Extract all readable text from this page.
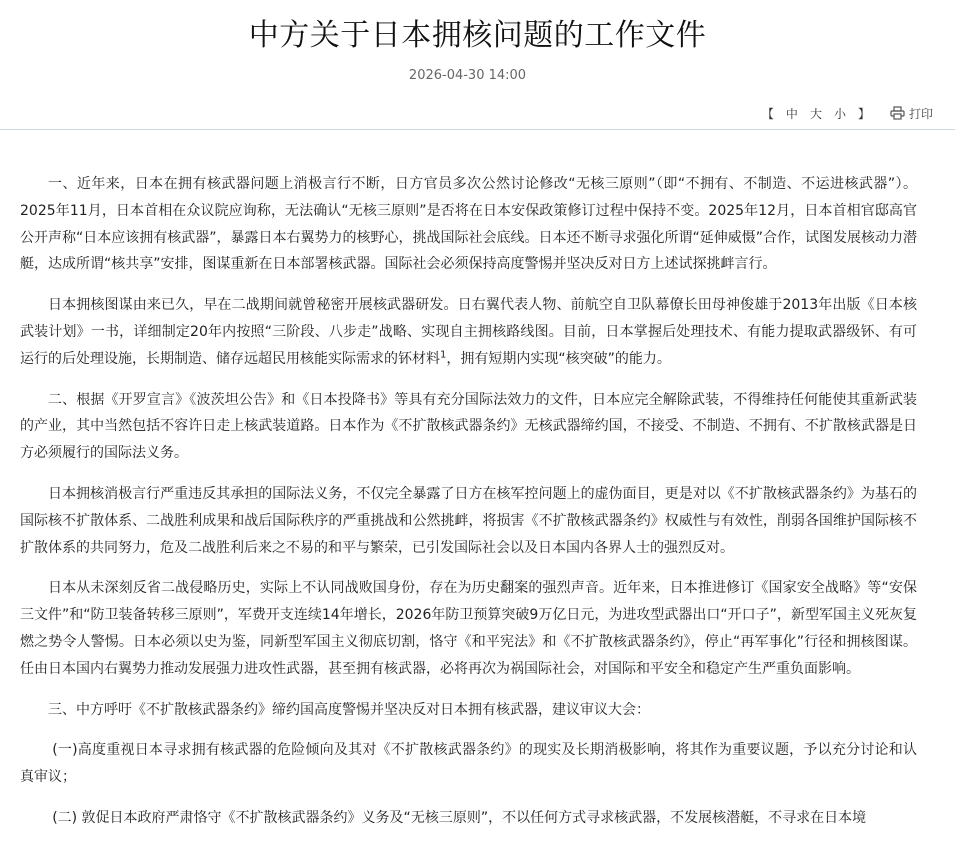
中方关于日本拥核问题的工作文件
2026-04-30 14:00
【 中 大 小 】	打印

一、近年来，日本在拥有核武器问题上消极言行不断，日方官员多次公然讨论修改“无核三原则”（即“不拥有、不制造、不运进核武器”）。2025年11月，日本首相在众议院应询称，无法确认“无核三原则”是否将在日本安保政策修订过程中保持不变。2025年12月，日本首相官邸高官公开声称“日本应该拥有核武器”，暴露日本右翼势力的核野心，挑战国际社会底线。日本还不断寻求强化所谓“延伸威慑”合作，试图发展核动力潜艇，达成所谓“核共享”安排，图谋重新在日本部署核武器。国际社会必须保持高度警惕并坚决反对日方上述试探挑衅言行。

日本拥核图谋由来已久，早在二战期间就曾秘密开展核武器研发。日右翼代表人物、前航空自卫队幕僚长田母神俊雄于2013年出版《日本核武装计划》一书，详细制定20年内按照“三阶段、八步走”战略、实现自主拥核路线图。目前，日本掌握后处理技术、有能力提取武器级钚、有可运行的后处理设施，长期制造、储存远超民用核能实际需求的钚材料$^1$，拥有短期内实现“核突破”的能力。

二、根据《开罗宣言》《波茨坦公告》和《日本投降书》等具有充分国际法效力的文件，日本应完全解除武装，不得维持任何能使其重新武装的产业，其中当然包括不容许日走上核武装道路。日本作为《不扩散核武器条约》无核武器缔约国，不接受、不制造、不拥有、不扩散核武器是日方必须履行的国际法义务。

日本拥核消极言行严重违反其承担的国际法义务，不仅完全暴露了日方在核军控问题上的虚伪面目，更是对以《不扩散核武器条约》为基石的国际核不扩散体系、二战胜利成果和战后国际秩序的严重挑战和公然挑衅，将损害《不扩散核武器条约》权威性与有效性，削弱各国维护国际核不扩散体系的共同努力，危及二战胜利后来之不易的和平与繁荣，已引发国际社会以及日本国内各界人士的强烈反对。

日本从未深刻反省二战侵略历史，实际上不认同战败国身份，存在为历史翻案的强烈声音。近年来，日本推进修订《国家安全战略》等“安保三文件”和“防卫装备转移三原则”，军费开支连续14年增长，2026年防卫预算突破9万亿日元，为进攻型武器出口“开口子”，新型军国主义死灰复燃之势令人警惕。日本必须以史为鉴，同新型军国主义彻底切割，恪守《和平宪法》和《不扩散核武器条约》，停止“再军事化”行径和拥核图谋。任由日本国内右翼势力推动发展强力进攻性武器，甚至拥有核武器，必将再次为祸国际社会，对国际和平安全和稳定产生严重负面影响。

三、中方呼吁《不扩散核武器条约》缔约国高度警惕并坚决反对日本拥有核武器，建议审议大会：

(一)高度重视日本寻求拥有核武器的危险倾向及其对《不扩散核武器条约》的现实及长期消极影响，将其作为重要议题，予以充分讨论和认真审议；

(二) 敦促日本政府严肃恪守《不扩散核武器条约》义务及“无核三原则”，不以任何方式寻求核武器，不发展核潜艇，不寻求在日本境
